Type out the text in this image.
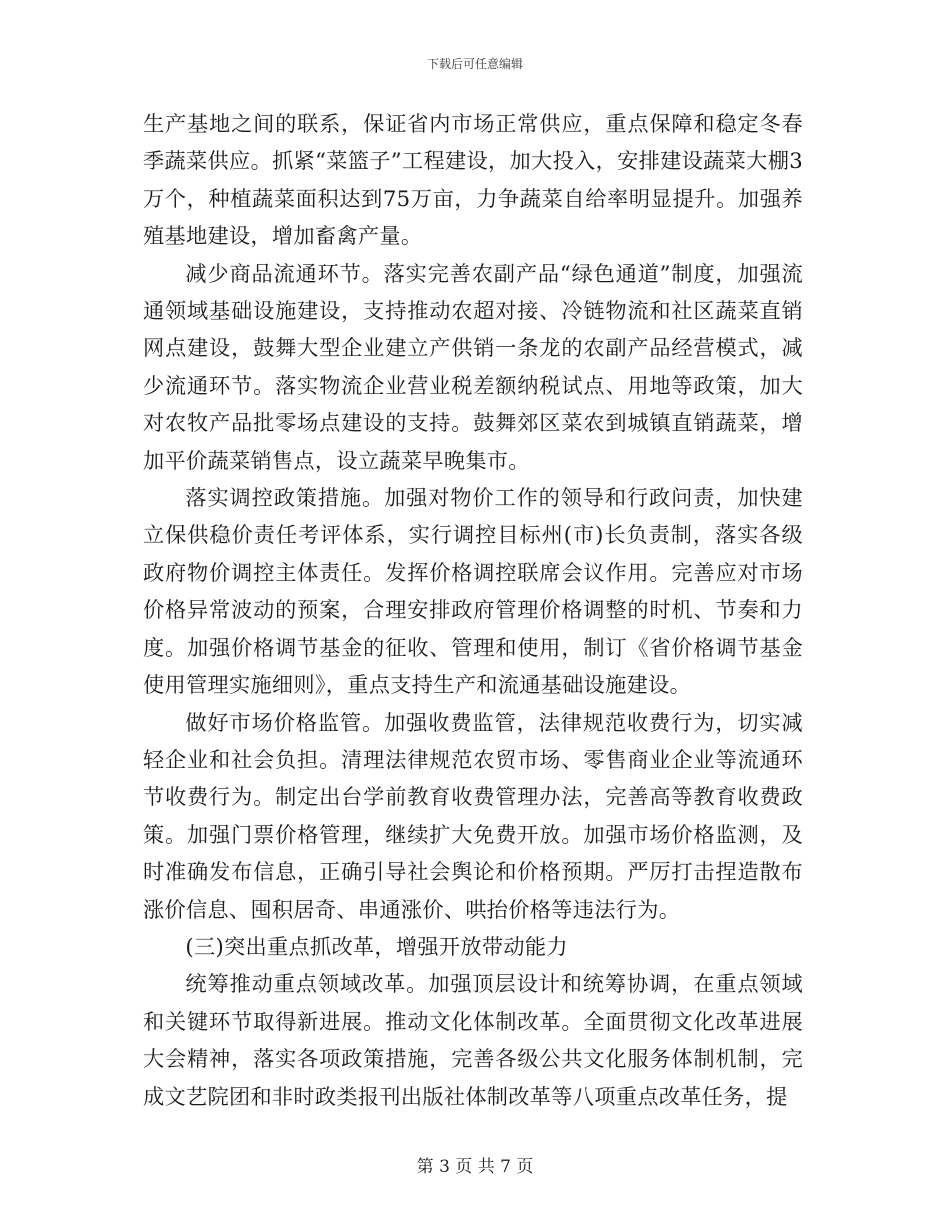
下载后可任意编辑

生产基地之间的联系，保证省内市场正常供应，重点保障和稳定冬春季蔬菜供应。抓紧“菜篮子”工程建设，加大投入，安排建设蔬菜大棚3万个，种植蔬菜面积达到75万亩，力争蔬菜自给率明显提升。加强养殖基地建设，增加畜禽产量。

减少商品流通环节。落实完善农副产品“绿色通道”制度，加强流通领域基础设施建设，支持推动农超对接、冷链物流和社区蔬菜直销网点建设，鼓舞大型企业建立产供销一条龙的农副产品经营模式，减少流通环节。落实物流企业营业税差额纳税试点、用地等政策，加大对农牧产品批零场点建设的支持。鼓舞郊区菜农到城镇直销蔬菜，增加平价蔬菜销售点，设立蔬菜早晚集市。

落实调控政策措施。加强对物价工作的领导和行政问责，加快建立保供稳价责任考评体系，实行调控目标州(市)长负责制，落实各级政府物价调控主体责任。发挥价格调控联席会议作用。完善应对市场价格异常波动的预案，合理安排政府管理价格调整的时机、节奏和力度。加强价格调节基金的征收、管理和使用，制订《省价格调节基金使用管理实施细则》，重点支持生产和流通基础设施建设。

做好市场价格监管。加强收费监管，法律规范收费行为，切实减轻企业和社会负担。清理法律规范农贸市场、零售商业企业等流通环节收费行为。制定出台学前教育收费管理办法，完善高等教育收费政策。加强门票价格管理，继续扩大免费开放。加强市场价格监测，及时准确发布信息，正确引导社会舆论和价格预期。严厉打击捏造散布涨价信息、囤积居奇、串通涨价、哄抬价格等违法行为。

(三)突出重点抓改革，增强开放带动能力

统筹推动重点领域改革。加强顶层设计和统筹协调，在重点领域和关键环节取得新进展。推动文化体制改革。全面贯彻文化改革进展大会精神，落实各项政策措施，完善各级公共文化服务体制机制，完成文艺院团和非时政类报刊出版社体制改革等八项重点改革任务，提

第 3 页 共 7 页
